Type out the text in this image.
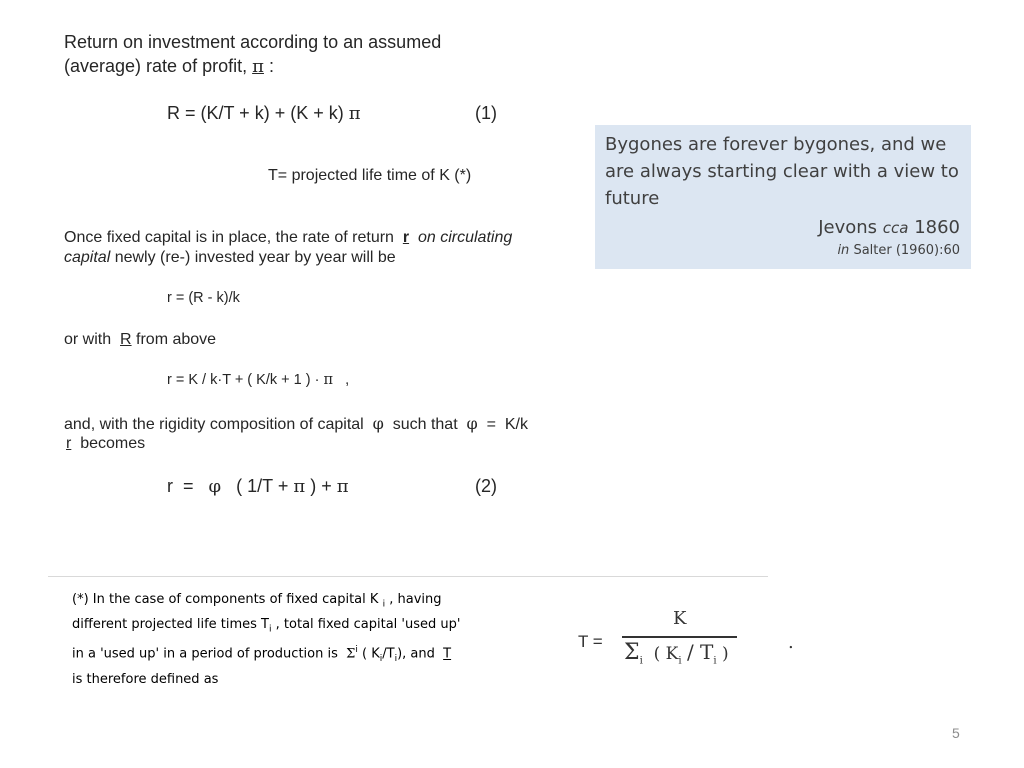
Return on investment according to an assumed
(average) rate of profit, π :
R = (K/T + k) + (K + k) π	(1)
T= projected life time of K (*)
Once fixed capital is in place, the rate of return r on circulating
capital newly (re-) invested year by year will be
r = (R - k)/k
or with R from above
r = K / k·T + ( K/k + 1 ) · π ,
and, with the rigidity composition of capital φ such that φ = K/k
r becomes
r = φ ( 1/T + π ) + π	(2)
Bygones are forever bygones, and we are always starting clear with a view to future
Jevons cca 1860
in Salter (1960):60
(*) In the case of components of fixed capital K $_i$ , having
different projected life times $T_i$ , total fixed capital 'used up'
in a 'used up' in a period of production is $\Sigma^i$ ( $K_i/T_i$), and T
is therefore defined as
T =
K
$\Sigma_i$ ( $K_i / T_i$ )
.
5
